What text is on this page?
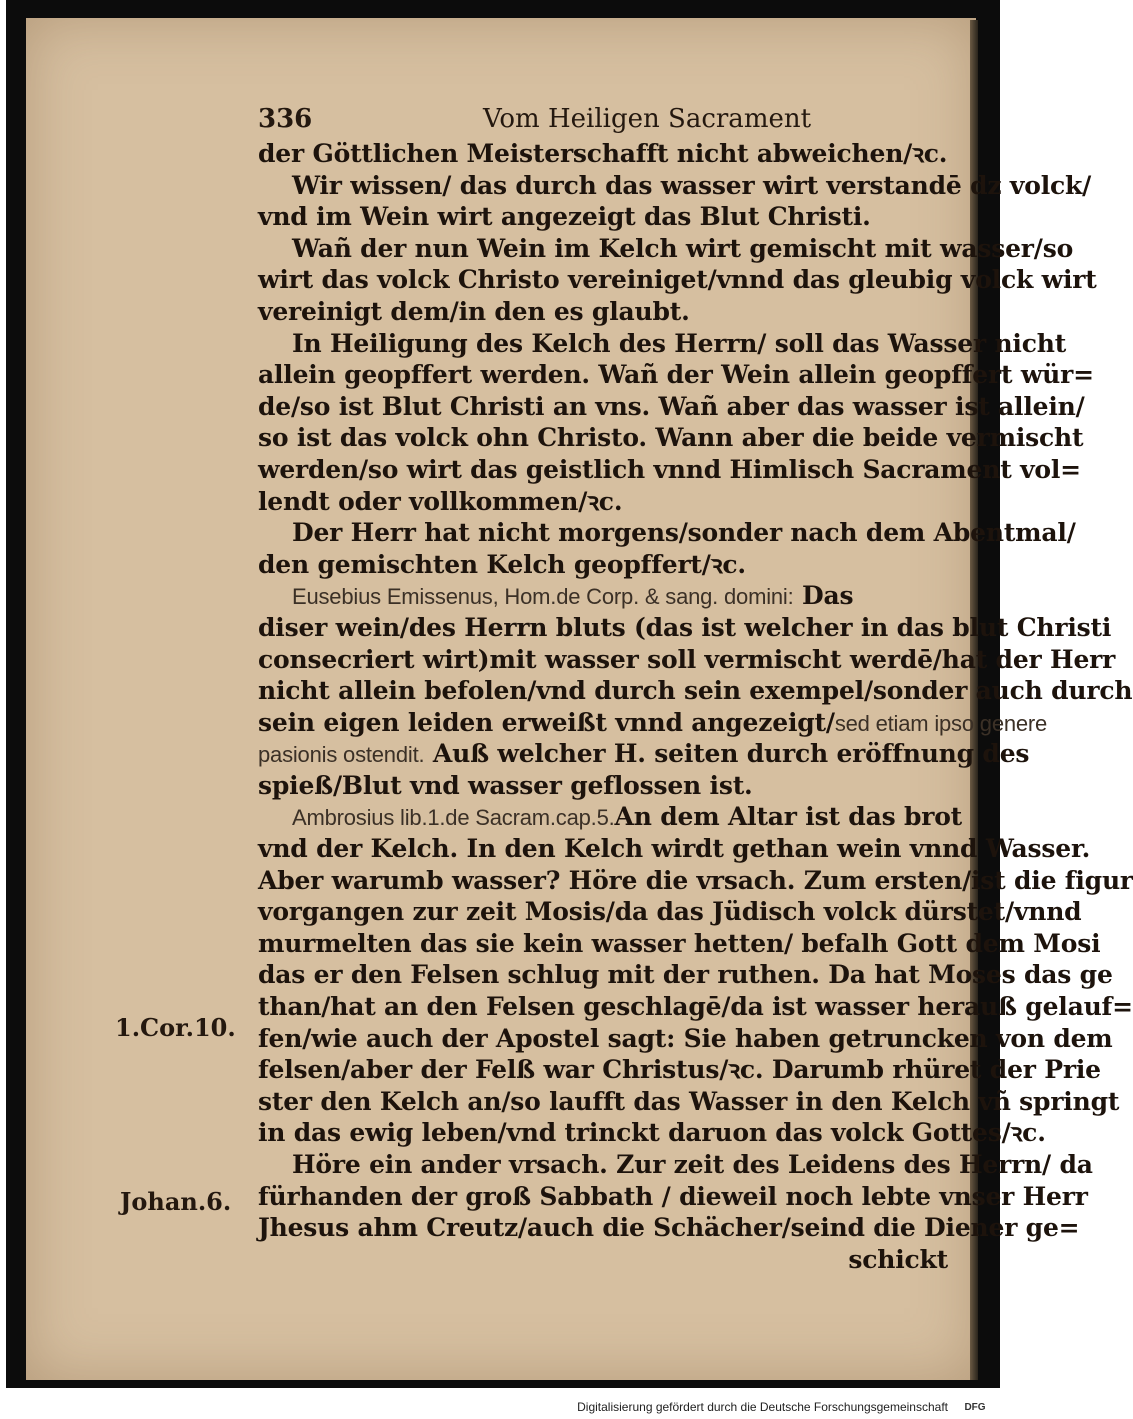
336	Vom Heiligen Sacrament
der Göttlichen Meisterschafft nicht abweichen/ꝛc.
Wir wissen/ das durch das wasser wirt verstandē dz volck/
vnd im Wein wirt angezeigt das Blut Christi.
Wañ der nun Wein im Kelch wirt gemischt mit wasser/so
wirt das volck Christo vereiniget/vnnd das gleubig volck wirt
vereinigt dem/in den es glaubt.
In Heiligung des Kelch des Herrn/ soll das Wasser nicht
allein geopffert werden. Wañ der Wein allein geopffert wür=
de/so ist Blut Christi an vns. Wañ aber das wasser ist allein/
so ist das volck ohn Christo. Wann aber die beide vermischt
werden/so wirt das geistlich vnnd Himlisch Sacrament vol=
lendt oder vollkommen/ꝛc.
Der Herr hat nicht morgens/sonder nach dem Abentmal/
den gemischten Kelch geopffert/ꝛc.
Eusebius Emissenus, Hom.de Corp. & sang. domini: Das
diser wein/des Herrn bluts (das ist welcher in das blut Christi
consecriert wirt)mit wasser soll vermischt werdē/hat der Herr
nicht allein befolen/vnd durch sein exempel/sonder auch durch
sein eigen leiden erweißt vnnd angezeigt/sed etiam ipso genere
pasionis ostendit. Auß welcher H. seiten durch eröffnung des
spieß/Blut vnd wasser geflossen ist.
Ambrosius lib.1.de Sacram.cap.5.An dem Altar ist das brot
vnd der Kelch. In den Kelch wirdt gethan wein vnnd Wasser.
Aber warumb wasser? Höre die vrsach. Zum ersten/ist die figur
vorgangen zur zeit Mosis/da das Jüdisch volck dürstet/vnnd
murmelten das sie kein wasser hetten/ befalh Gott dem Mosi
das er den Felsen schlug mit der ruthen. Da hat Moses das ge
than/hat an den Felsen geschlagē/da ist wasser herauß gelauf=
fen/wie auch der Apostel sagt: Sie haben getruncken von dem
felsen/aber der Felß war Christus/ꝛc. Darumb rhüret der Prie
ster den Kelch an/so laufft das Wasser in den Kelch vñ springt
in das ewig leben/vnd trinckt daruon das volck Gottes/ꝛc.
Höre ein ander vrsach. Zur zeit des Leidens des Herrn/ da
fürhanden der groß Sabbath / dieweil noch lebte vnser Herr
Jhesus ahm Creutz/auch die Schächer/seind die Diener ge=
schickt
1.Cor.10.
Johan.6.
Digitalisierung gefördert durch die Deutsche Forschungsgemeinschaft	DFG
